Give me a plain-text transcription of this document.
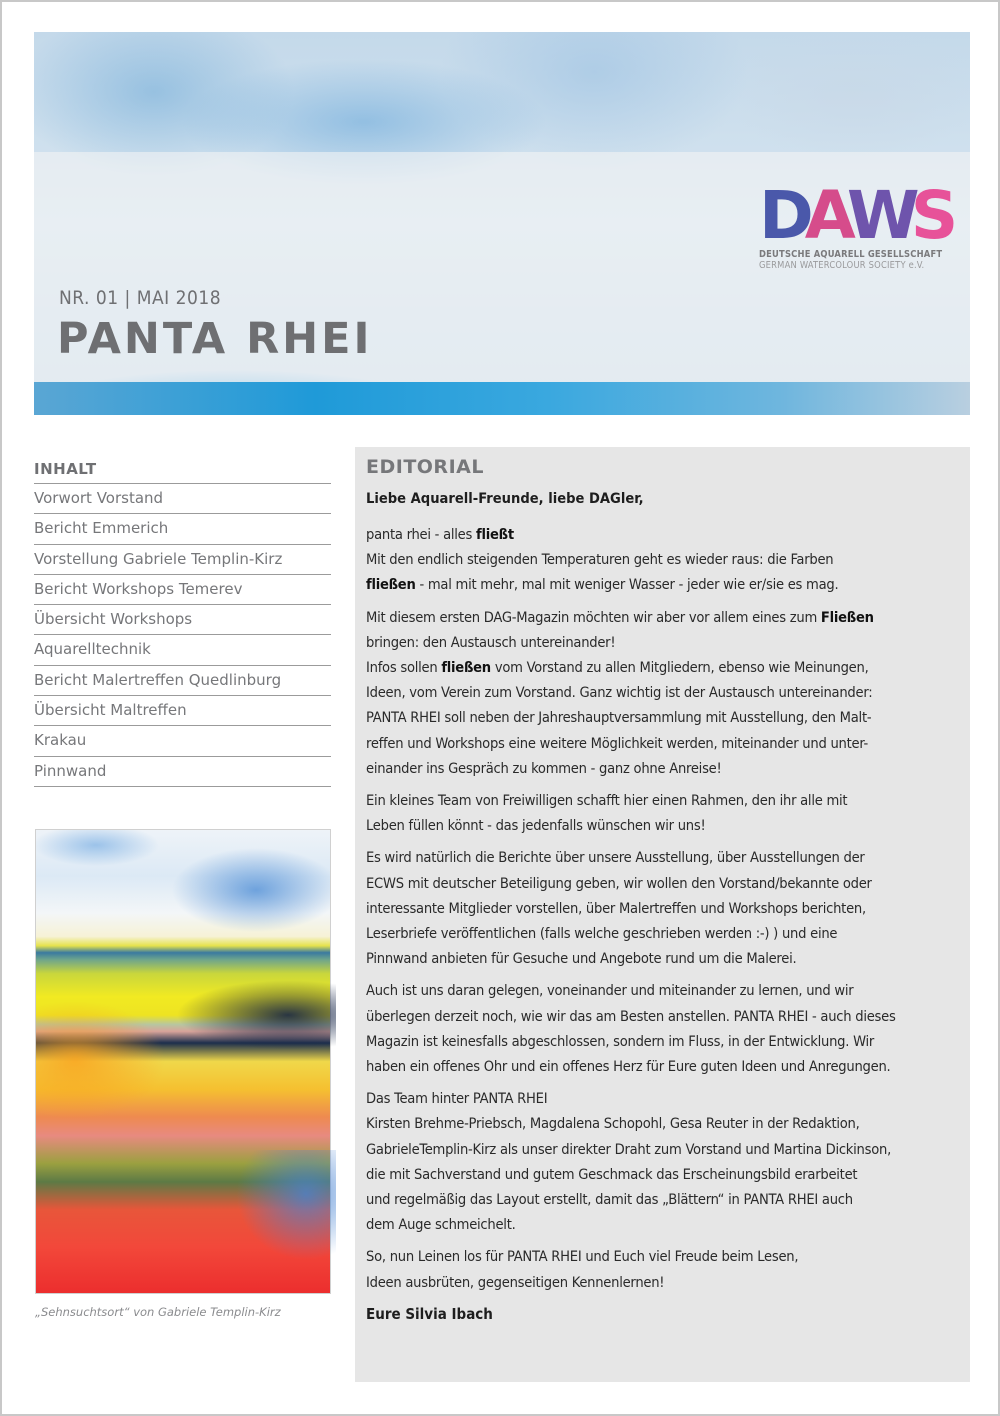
D
A
W
S
DEUTSCHE AQUARELL GESELLSCHAFT
GERMAN WATERCOLOUR SOCIETY e.V.
NR. 01 | MAI 2018
PANTA RHEI
INHALT
Vorwort Vorstand
Bericht Emmerich
Vorstellung Gabriele Templin-Kirz
Bericht Workshops Temerev
Übersicht Workshops
Aquarelltechnik
Bericht Malertreffen Quedlinburg
Übersicht Maltreffen
Krakau
Pinnwand
„Sehnsuchtsort“ von Gabriele Templin-Kirz
EDITORIAL
Liebe Aquarell-Freunde, liebe DAGler,

panta rhei - alles fließt
Mit den endlich steigenden Temperaturen geht es wieder raus: die Farben
fließen - mal mit mehr, mal mit weniger Wasser - jeder wie er/sie es mag.

Mit diesem ersten DAG-Magazin möchten wir aber vor allem eines zum Fließen
bringen: den Austausch untereinander!
Infos sollen fließen vom Vorstand zu allen Mitgliedern, ebenso wie Meinungen,
Ideen, vom Verein zum Vorstand. Ganz wichtig ist der Austausch untereinander:
PANTA RHEI soll neben der Jahreshauptversammlung mit Ausstellung, den Malt-
reffen und Workshops eine weitere Möglichkeit werden, miteinander und unter-
einander ins Gespräch zu kommen - ganz ohne Anreise!

Ein kleines Team von Freiwilligen schafft hier einen Rahmen, den ihr alle mit
Leben füllen könnt - das jedenfalls wünschen wir uns!

Es wird natürlich die Berichte über unsere Ausstellung, über Ausstellungen der
ECWS mit deutscher Beteiligung geben, wir wollen den Vorstand/bekannte oder
interessante Mitglieder vorstellen, über Malertreffen und Workshops berichten,
Leserbriefe veröffentlichen (falls welche geschrieben werden :-) ) und eine
Pinnwand anbieten für Gesuche und Angebote rund um die Malerei.

Auch ist uns daran gelegen, voneinander und miteinander zu lernen, und wir
überlegen derzeit noch, wie wir das am Besten anstellen. PANTA RHEI - auch dieses
Magazin ist keinesfalls abgeschlossen, sondern im Fluss, in der Entwicklung. Wir
haben ein offenes Ohr und ein offenes Herz für Eure guten Ideen und Anregungen.

Das Team hinter PANTA RHEI
Kirsten Brehme-Priebsch, Magdalena Schopohl, Gesa Reuter in der Redaktion,
GabrieleTemplin-Kirz als unser direkter Draht zum Vorstand und Martina Dickinson,
die mit Sachverstand und gutem Geschmack das Erscheinungsbild erarbeitet
und regelmäßig das Layout erstellt, damit das „Blättern“ in PANTA RHEI auch
dem Auge schmeichelt.

So, nun Leinen los für PANTA RHEI und Euch viel Freude beim Lesen,
Ideen ausbrüten, gegenseitigen Kennenlernen!

Eure Silvia Ibach
